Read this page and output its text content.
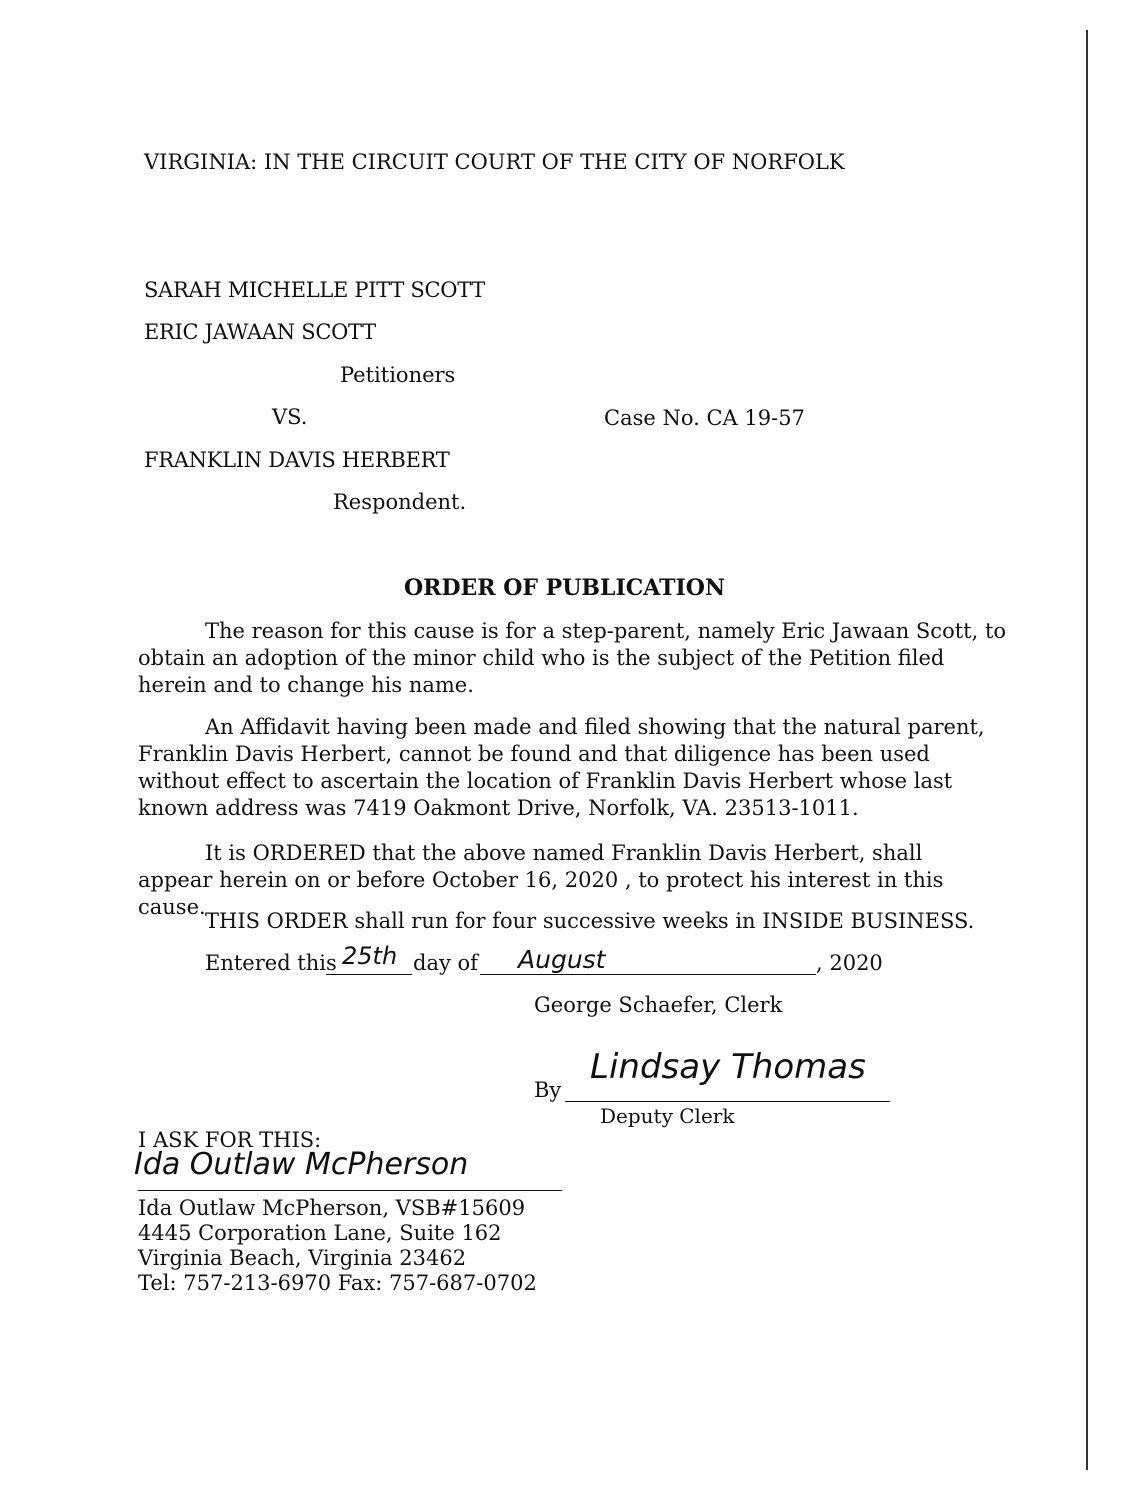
VIRGINIA: IN THE CIRCUIT COURT OF THE CITY OF NORFOLK
SARAH MICHELLE PITT SCOTT
ERIC JAWAAN SCOTT
Petitioners
VS.	Case No. CA 19-57
FRANKLIN DAVIS HERBERT
Respondent.
ORDER OF PUBLICATION
The reason for this cause is for a step-parent, namely Eric Jawaan Scott, to obtain an adoption of the minor child who is the subject of the Petition filed herein and to change his name.
An Affidavit having been made and filed showing that the natural parent, Franklin Davis Herbert, cannot be found and that diligence has been used without effect to ascertain the location of Franklin Davis Herbert whose last known address was 7419 Oakmont Drive, Norfolk, VA. 23513-1011.
It is ORDERED that the above named Franklin Davis Herbert, shall appear herein on or before October 16, 2020 , to protect his interest in this cause.
THIS ORDER shall run for four successive weeks in INSIDE BUSINESS.
Entered this 25th day of August	, 2020
George Schaefer, Clerk
By
Lindsay Thomas
Deputy Clerk
I ASK FOR THIS:
Ida Outlaw McPherson
Ida Outlaw McPherson, VSB#15609
4445 Corporation Lane, Suite 162
Virginia Beach, Virginia 23462
Tel: 757-213-6970 Fax: 757-687-0702
